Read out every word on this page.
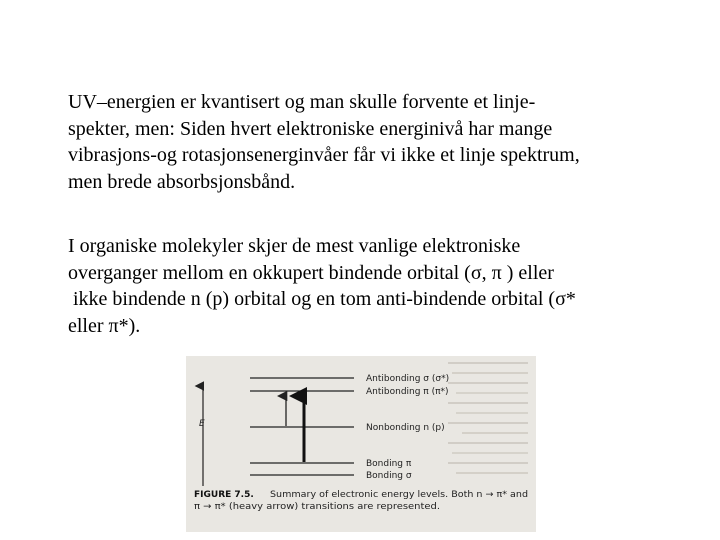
UV–energien er kvantisert og man skulle forvente et linje-
spekter, men: Siden hvert elektroniske energinivå har mange
vibrasjons-og rotasjonsenerginvåer får vi ikke et linje spektrum,
men brede absorbsjonsbånd.
I organiske molekyler skjer de mest vanlige elektroniske
overganger mellom en okkupert bindende orbital (σ, π ) eller
ikke bindende n (p) orbital og en tom anti-bindende orbital (σ*
eller π*).
E
Antibonding σ (σ*)
Antibonding π (π*)
Nonbonding n (p)
Bonding π
Bonding σ
FIGURE 7.5. Summary of electronic energy levels. Both n → π* and
π → π* (heavy arrow) transitions are represented.
